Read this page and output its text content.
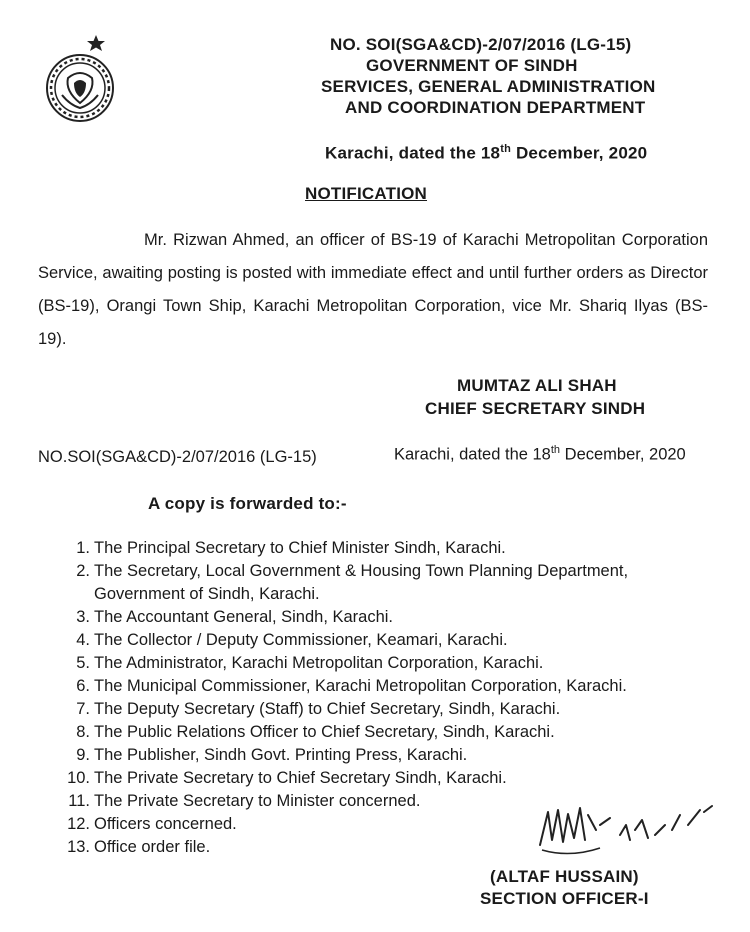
NO. SOI(SGA&CD)-2/07/2016 (LG-15)
GOVERNMENT OF SINDH
SERVICES, GENERAL ADMINISTRATION
AND COORDINATION DEPARTMENT
Karachi, dated the 18th December, 2020
NOTIFICATION
Mr. Rizwan Ahmed, an officer of BS-19 of Karachi Metropolitan Corporation Service, awaiting posting is posted with immediate effect and until further orders as Director (BS-19), Orangi Town Ship, Karachi Metropolitan Corporation, vice Mr. Shariq Ilyas (BS-19).
MUMTAZ ALI SHAH
CHIEF SECRETARY SINDH
NO.SOI(SGA&CD)-2/07/2016 (LG-15)	Karachi, dated the 18th December, 2020
A copy is forwarded to:-
1. The Principal Secretary to Chief Minister Sindh, Karachi.
2. The Secretary, Local Government & Housing Town Planning Department, Government of Sindh, Karachi.
3. The Accountant General, Sindh, Karachi.
4. The Collector / Deputy Commissioner, Keamari, Karachi.
5. The Administrator, Karachi Metropolitan Corporation, Karachi.
6. The Municipal Commissioner, Karachi Metropolitan Corporation, Karachi.
7. The Deputy Secretary (Staff) to Chief Secretary, Sindh, Karachi.
8. The Public Relations Officer to Chief Secretary, Sindh, Karachi.
9. The Publisher, Sindh Govt. Printing Press, Karachi.
10. The Private Secretary to Chief Secretary Sindh, Karachi.
11. The Private Secretary to Minister concerned.
12. Officers concerned.
13. Office order file.
(ALTAF HUSSAIN)
SECTION OFFICER-I
